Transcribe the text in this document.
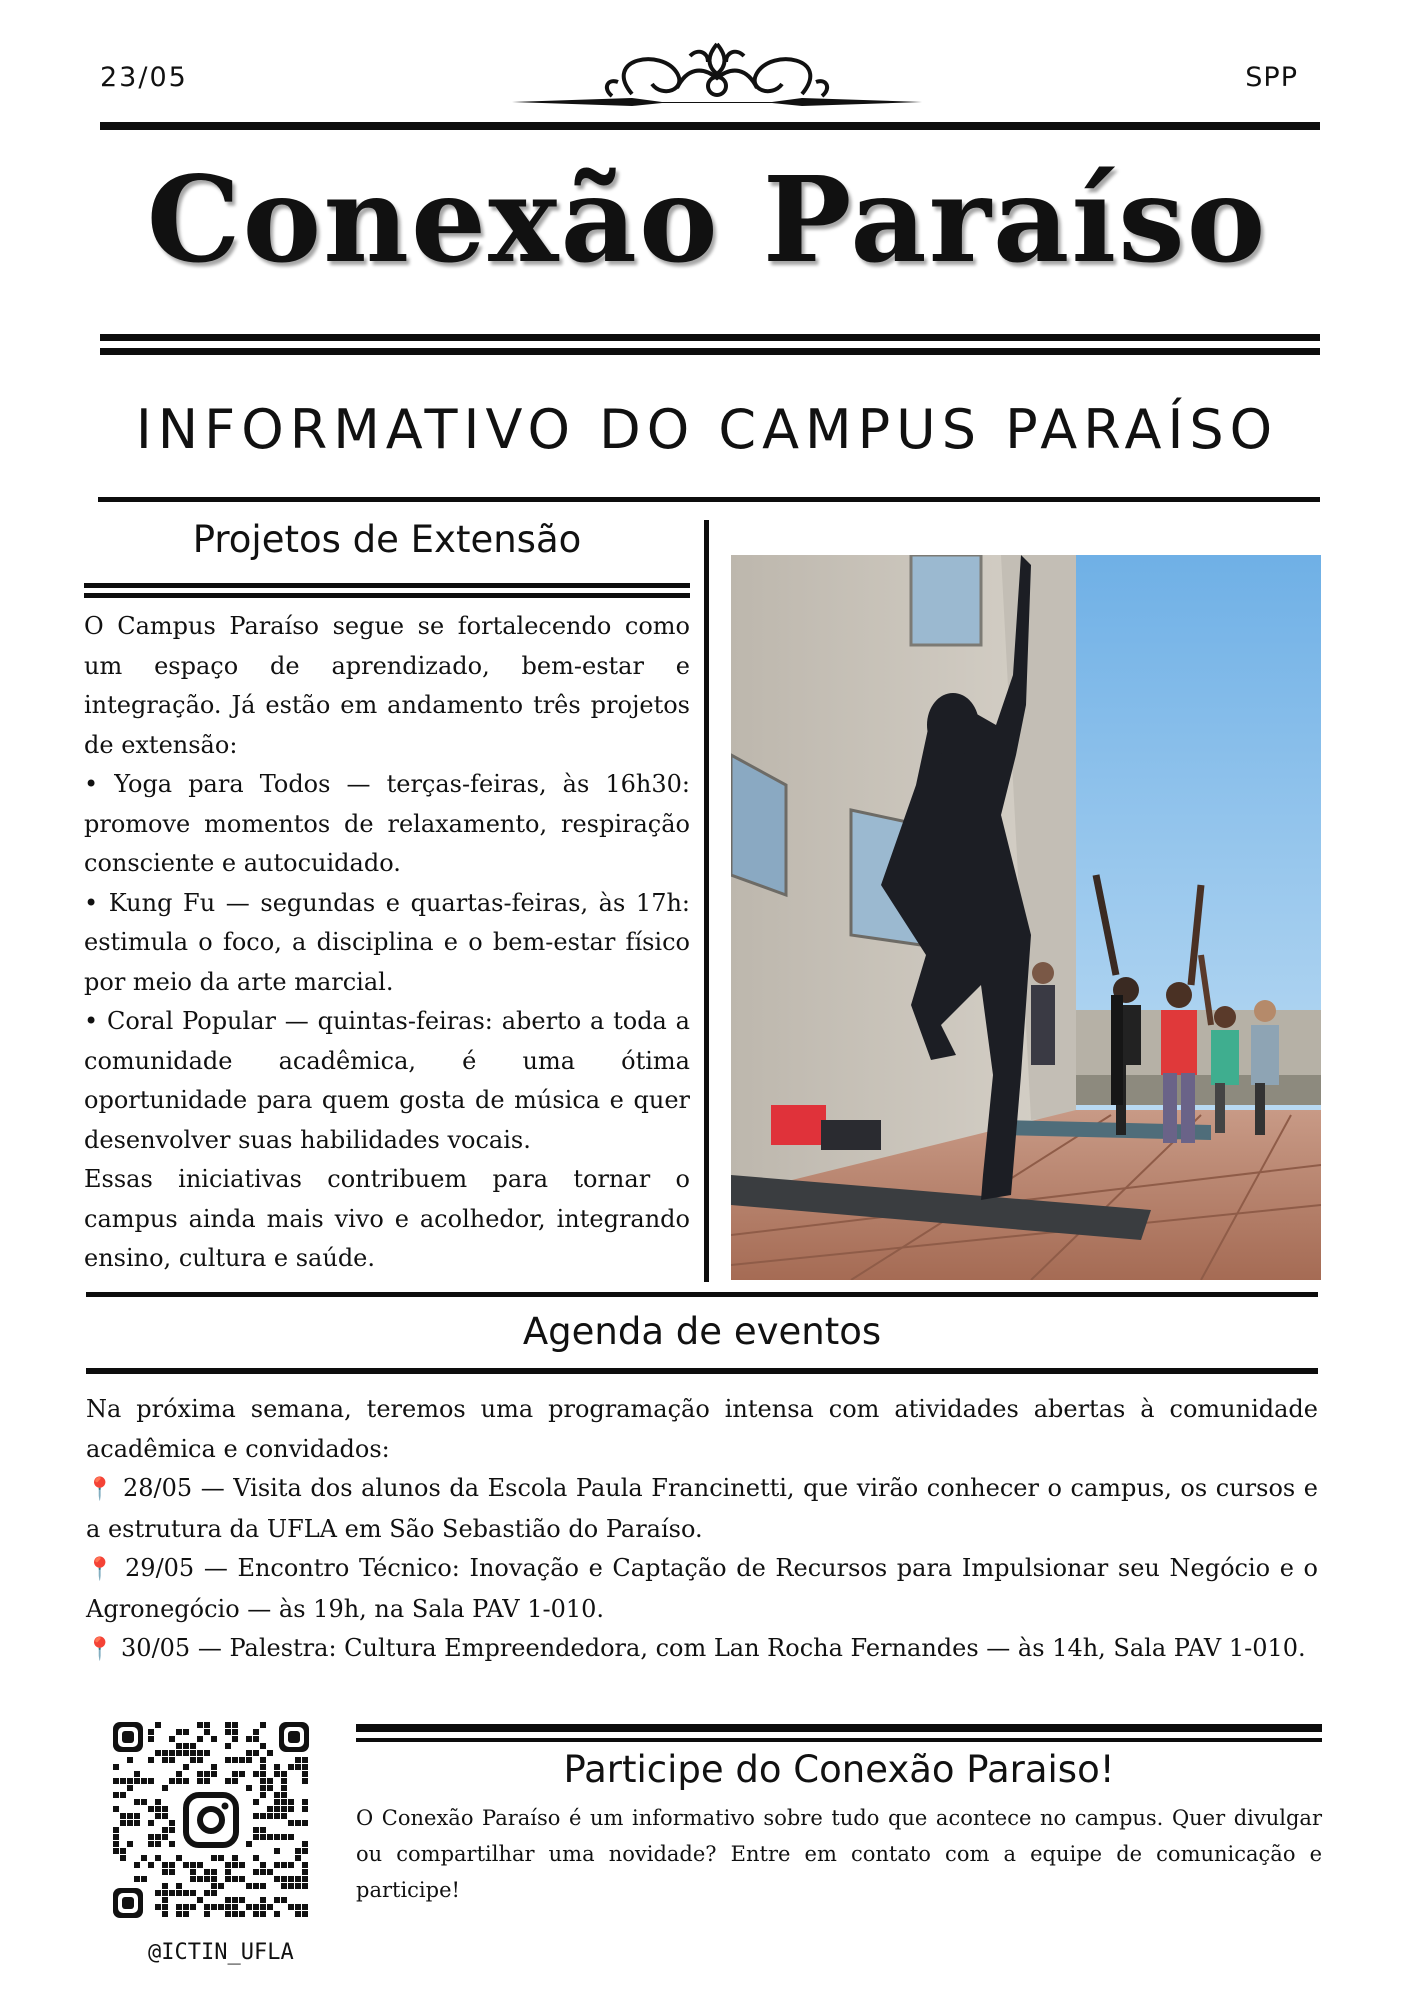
23/05	SPP
Conexão Paraíso
INFORMATIVO DO CAMPUS PARAÍSO
Projetos de Extensão

O Campus Paraíso segue se fortalecendo como um espaço de aprendizado, bem-estar e integração. Já estão em andamento três projetos de extensão:

• Yoga para Todos — terças-feiras, às 16h30: promove momentos de relaxamento, respiração consciente e autocuidado.

• Kung Fu — segundas e quartas-feiras, às 17h: estimula o foco, a disciplina e o bem-estar físico por meio da arte marcial.

• Coral Popular — quintas-feiras: aberto a toda a comunidade acadêmica, é uma ótima oportunidade para quem gosta de música e quer desenvolver suas habilidades vocais.

Essas iniciativas contribuem para tornar o campus ainda mais vivo e acolhedor, integrando ensino, cultura e saúde.

Agenda de eventos

Na próxima semana, teremos uma programação intensa com atividades abertas à comunidade acadêmica e convidados:

📍 28/05 — Visita dos alunos da Escola Paula Francinetti, que virão conhecer o campus, os cursos e a estrutura da UFLA em São Sebastião do Paraíso.

📍 29/05 — Encontro Técnico: Inovação e Captação de Recursos para Impulsionar seu Negócio e o Agronegócio — às 19h, na Sala PAV 1-010.

📍 30/05 — Palestra: Cultura Empreendedora, com Lan Rocha Fernandes — às 14h, Sala PAV 1-010.

@ICTIN_UFLA
Participe do Conexão Paraiso!

O Conexão Paraíso é um informativo sobre tudo que acontece no campus. Quer divulgar ou compartilhar uma novidade? Entre em contato com a equipe de comunicação e participe!
